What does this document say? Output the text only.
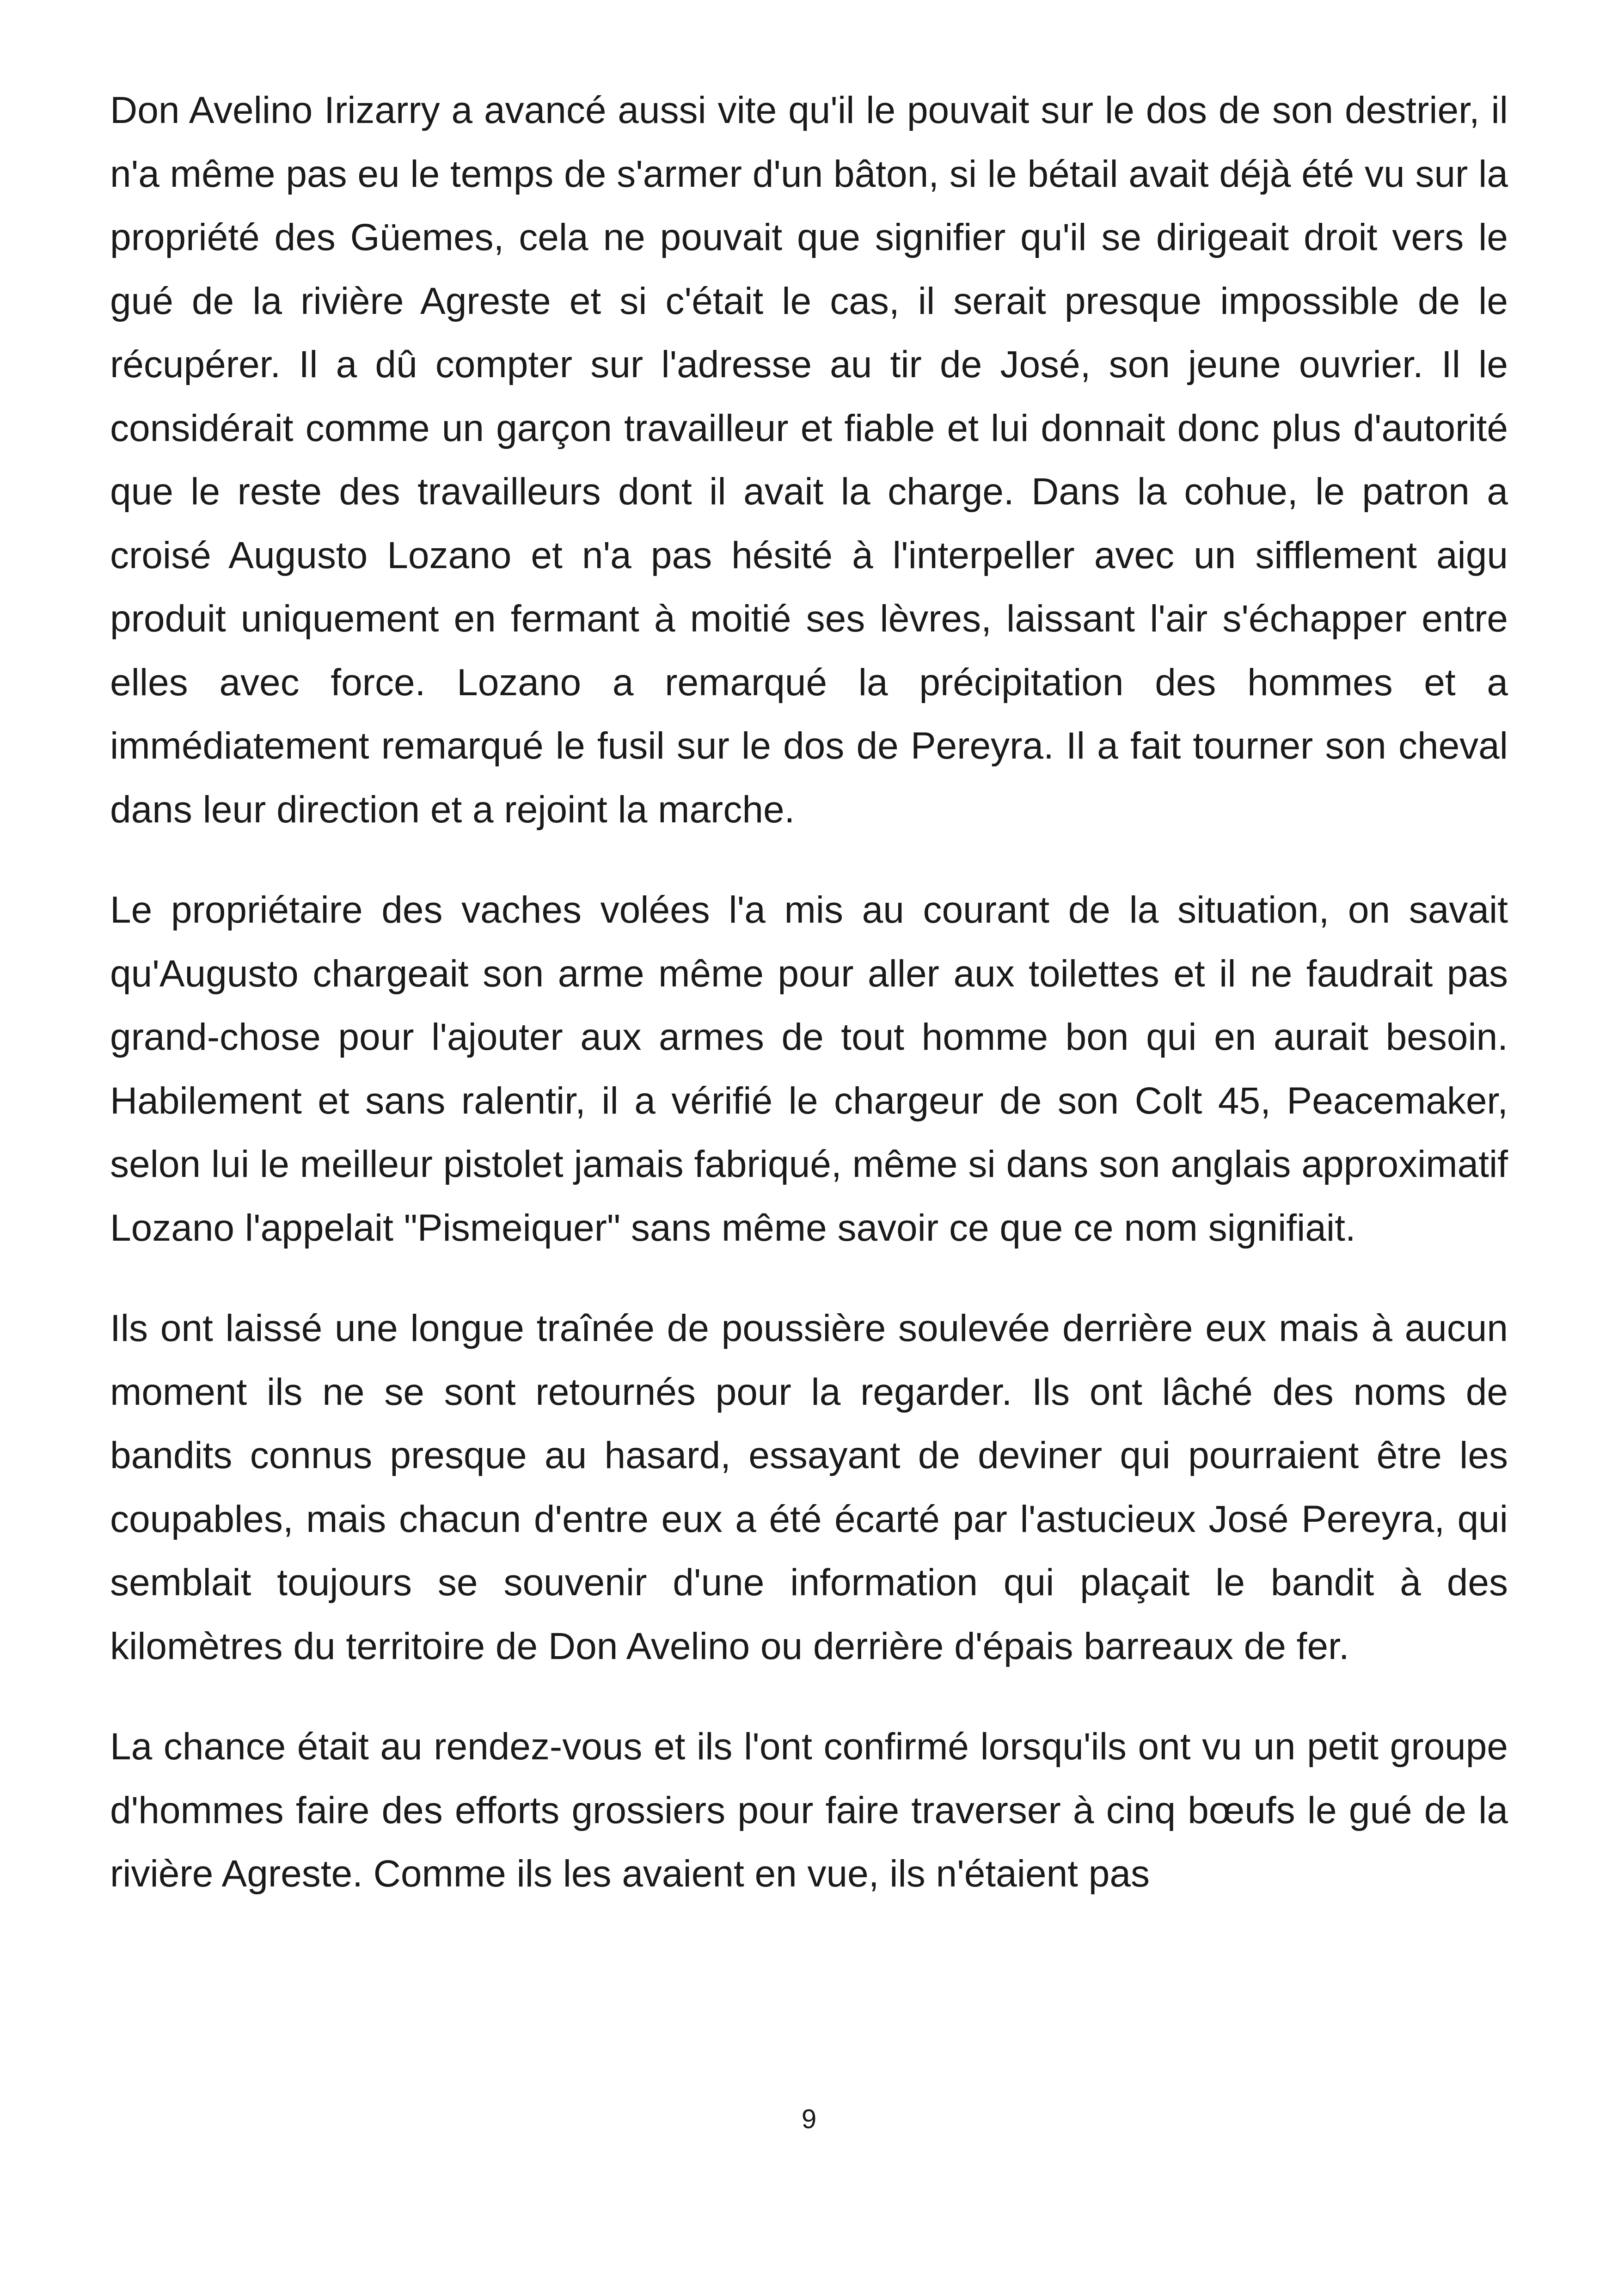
Don Avelino Irizarry a avancé aussi vite qu'il le pouvait sur le dos de son destrier, il n'a même pas eu le temps de s'armer d'un bâton, si le bétail avait déjà été vu sur la propriété des Güemes, cela ne pouvait que signifier qu'il se dirigeait droit vers le gué de la rivière Agreste et si c'était le cas, il serait presque impossible de le récupérer. Il a dû compter sur l'adresse au tir de José, son jeune ouvrier. Il le considérait comme un garçon travailleur et fiable et lui donnait donc plus d'autorité que le reste des travailleurs dont il avait la charge. Dans la cohue, le patron a croisé Augusto Lozano et n'a pas hésité à l'interpeller avec un sifflement aigu produit uniquement en fermant à moitié ses lèvres, laissant l'air s'échapper entre elles avec force. Lozano a remarqué la précipitation des hommes et a immédiatement remarqué le fusil sur le dos de Pereyra. Il a fait tourner son cheval dans leur direction et a rejoint la marche.

Le propriétaire des vaches volées l'a mis au courant de la situation, on savait qu'Augusto chargeait son arme même pour aller aux toilettes et il ne faudrait pas grand-chose pour l'ajouter aux armes de tout homme bon qui en aurait besoin. Habilement et sans ralentir, il a vérifié le chargeur de son Colt 45, Peacemaker, selon lui le meilleur pistolet jamais fabriqué, même si dans son anglais approximatif Lozano l'appelait "Pismeiquer" sans même savoir ce que ce nom signifiait.

Ils ont laissé une longue traînée de poussière soulevée derrière eux mais à aucun moment ils ne se sont retournés pour la regarder. Ils ont lâché des noms de bandits connus presque au hasard, essayant de deviner qui pourraient être les coupables, mais chacun d'entre eux a été écarté par l'astucieux José Pereyra, qui semblait toujours se souvenir d'une information qui plaçait le bandit à des kilomètres du territoire de Don Avelino ou derrière d'épais barreaux de fer.

La chance était au rendez-vous et ils l'ont confirmé lorsqu'ils ont vu un petit groupe d'hommes faire des efforts grossiers pour faire traverser à cinq bœufs le gué de la rivière Agreste. Comme ils les avaient en vue, ils n'étaient pas

9
